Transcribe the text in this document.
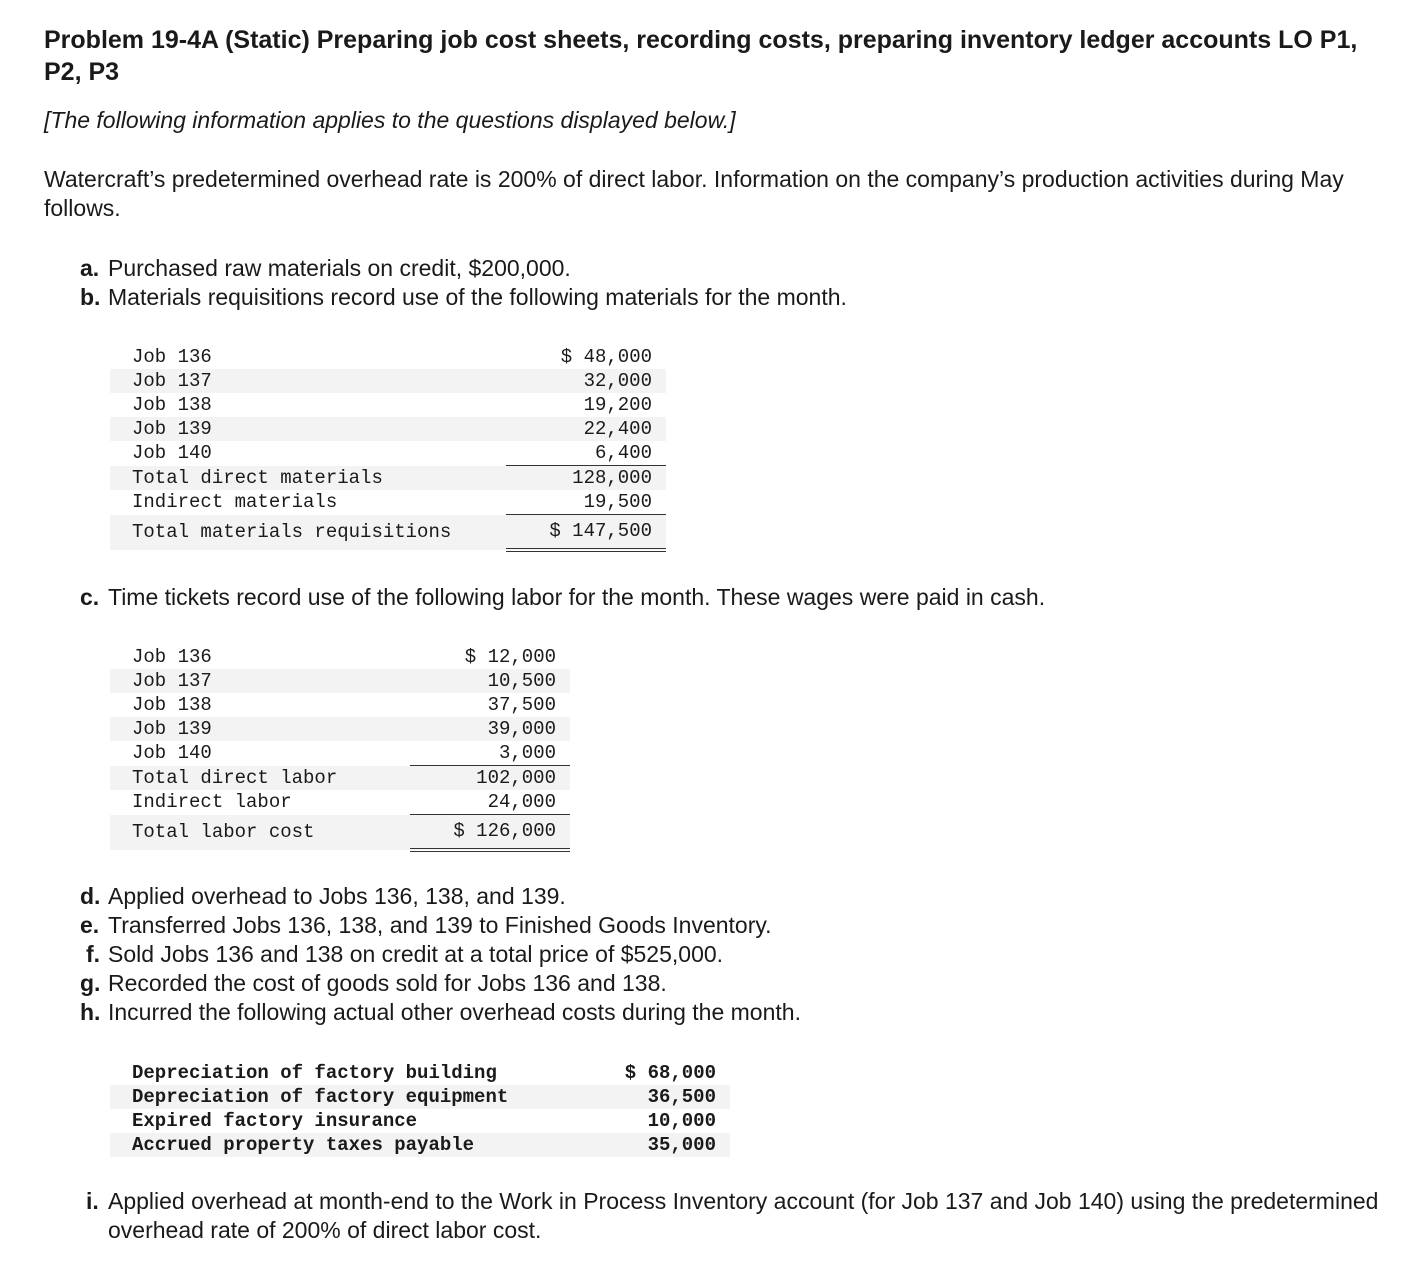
Problem 19-4A (Static) Preparing job cost sheets, recording costs, preparing inventory ledger accounts LO P1, P2, P3
[The following information applies to the questions displayed below.]
Watercraft’s predetermined overhead rate is 200% of direct labor. Information on the company’s production activities during May follows.
a. Purchased raw materials on credit, $200,000.
b. Materials requisitions record use of the following materials for the month.
Job 136	$ 48,000
Job 137	32,000
Job 138	19,200
Job 139	22,400
Job 140	6,400
Total direct materials	128,000
Indirect materials	19,500
Total materials requisitions	$ 147,500
c. Time tickets record use of the following labor for the month. These wages were paid in cash.
Job 136	$ 12,000
Job 137	10,500
Job 138	37,500
Job 139	39,000
Job 140	3,000
Total direct labor	102,000
Indirect labor	24,000
Total labor cost	$ 126,000
d. Applied overhead to Jobs 136, 138, and 139.
e. Transferred Jobs 136, 138, and 139 to Finished Goods Inventory.
f. Sold Jobs 136 and 138 on credit at a total price of $525,000.
g. Recorded the cost of goods sold for Jobs 136 and 138.
h. Incurred the following actual other overhead costs during the month.
Depreciation of factory building	$ 68,000
Depreciation of factory equipment	36,500
Expired factory insurance	10,000
Accrued property taxes payable	35,000
i. Applied overhead at month-end to the Work in Process Inventory account (for Job 137 and Job 140) using the predetermined overhead rate of 200% of direct labor cost.
